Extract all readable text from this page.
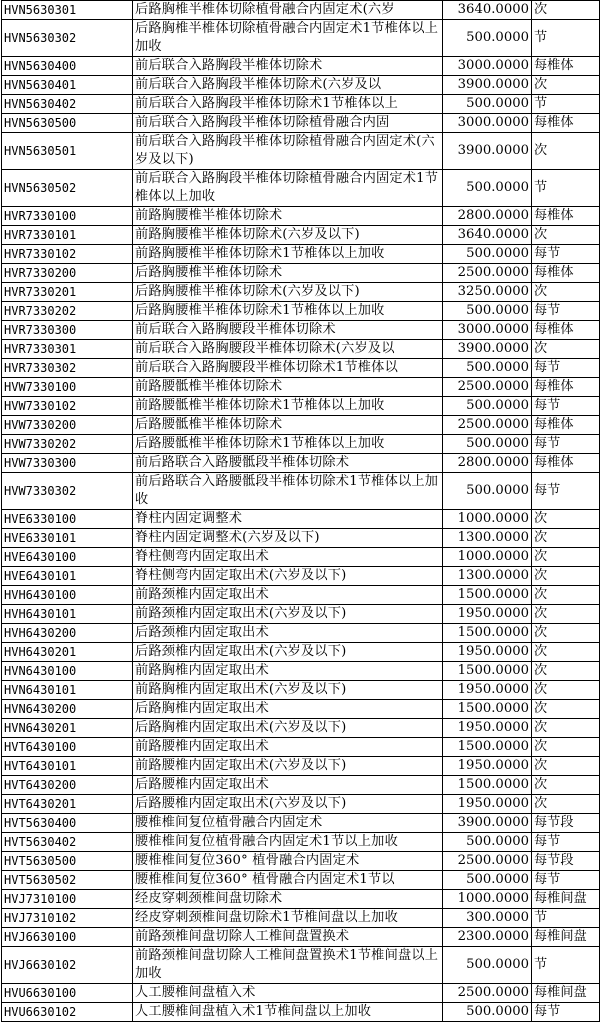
HVN5630301	后路胸椎半椎体切除植骨融合内固定术(六岁	3640.0000	次
HVN5630302	后路胸椎半椎体切除植骨融合内固定术1节椎体以上加收	500.0000	节
HVN5630400	前后联合入路胸段半椎体切除术	3000.0000	每椎体
HVN5630401	前后联合入路胸段半椎体切除术(六岁及以	3900.0000	次
HVN5630402	前后联合入路胸段半椎体切除术1节椎体以上	500.0000	节
HVN5630500	前后联合入路胸段半椎体切除植骨融合内固	3000.0000	每椎体
HVN5630501	前后联合入路胸段半椎体切除植骨融合内固定术(六岁及以下)	3900.0000	次
HVN5630502	前后联合入路胸段半椎体切除植骨融合内固定术1节椎体以上加收	500.0000	节
HVR7330100	前路胸腰椎半椎体切除术	2800.0000	每椎体
HVR7330101	前路胸腰椎半椎体切除术(六岁及以下)	3640.0000	次
HVR7330102	前路胸腰椎半椎体切除术1节椎体以上加收	500.0000	每节
HVR7330200	后路胸腰椎半椎体切除术	2500.0000	每椎体
HVR7330201	后路胸腰椎半椎体切除术(六岁及以下)	3250.0000	次
HVR7330202	后路胸腰椎半椎体切除术1节椎体以上加收	500.0000	每节
HVR7330300	前后联合入路胸腰段半椎体切除术	3000.0000	每椎体
HVR7330301	前后联合入路胸腰段半椎体切除术(六岁及以	3900.0000	次
HVR7330302	前后联合入路胸腰段半椎体切除术1节椎体以	500.0000	每节
HVW7330100	前路腰骶椎半椎体切除术	2500.0000	每椎体
HVW7330102	前路腰骶椎半椎体切除术1节椎体以上加收	500.0000	每节
HVW7330200	后路腰骶椎半椎体切除术	2500.0000	每椎体
HVW7330202	后路腰骶椎半椎体切除术1节椎体以上加收	500.0000	每节
HVW7330300	前后路联合入路腰骶段半椎体切除术	2800.0000	每椎体
HVW7330302	前后路联合入路腰骶段半椎体切除术1节椎体以上加收	500.0000	每节
HVE6330100	脊柱内固定调整术	1000.0000	次
HVE6330101	脊柱内固定调整术(六岁及以下)	1300.0000	次
HVE6430100	脊柱侧弯内固定取出术	1000.0000	次
HVE6430101	脊柱侧弯内固定取出术(六岁及以下)	1300.0000	次
HVH6430100	前路颈椎内固定取出术	1500.0000	次
HVH6430101	前路颈椎内固定取出术(六岁及以下)	1950.0000	次
HVH6430200	后路颈椎内固定取出术	1500.0000	次
HVH6430201	后路颈椎内固定取出术(六岁及以下)	1950.0000	次
HVN6430100	前路胸椎内固定取出术	1500.0000	次
HVN6430101	前路胸椎内固定取出术(六岁及以下)	1950.0000	次
HVN6430200	后路胸椎内固定取出术	1500.0000	次
HVN6430201	后路胸椎内固定取出术(六岁及以下)	1950.0000	次
HVT6430100	前路腰椎内固定取出术	1500.0000	次
HVT6430101	前路腰椎内固定取出术(六岁及以下)	1950.0000	次
HVT6430200	后路腰椎内固定取出术	1500.0000	次
HVT6430201	后路腰椎内固定取出术(六岁及以下)	1950.0000	次
HVT5630400	腰椎椎间复位植骨融合内固定术	3900.0000	每节段
HVT5630402	腰椎椎间复位植骨融合内固定术1节以上加收	500.0000	每节
HVT5630500	腰椎椎间复位360° 植骨融合内固定术	2500.0000	每节段
HVT5630502	腰椎椎间复位360° 植骨融合内固定术1节以	500.0000	每节
HVJ7310100	经皮穿刺颈椎间盘切除术	1000.0000	每椎间盘
HVJ7310102	经皮穿刺颈椎间盘切除术1节椎间盘以上加收	300.0000	节
HVJ6630100	前路颈椎间盘切除人工椎间盘置换术	2300.0000	每椎间盘
HVJ6630102	前路颈椎间盘切除人工椎间盘置换术1节椎间盘以上加收	500.0000	节
HVU6630100	人工腰椎间盘植入术	2500.0000	每椎间盘
HVU6630102	人工腰椎间盘植入术1节椎间盘以上加收	500.0000	每节
